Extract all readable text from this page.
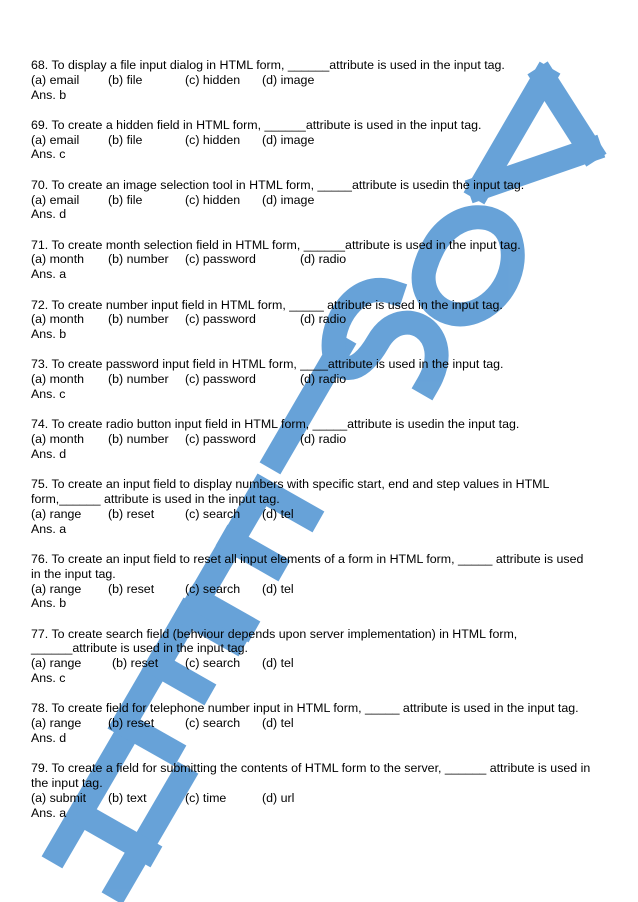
68. To display a file input dialog in HTML form, ______attribute is used in the input tag.
(a) email (b) file	(c) hidden (d) image
Ans. b
69. To create a hidden field in HTML form, ______attribute is used in the input tag.
(a) email (b) file	(c) hidden (d) image
Ans. c
70. To create an image selection tool in HTML form, _____attribute is usedin the input tag.
(a) email (b) file	(c) hidden (d) image
Ans. d
71. To create month selection field in HTML form, ______attribute is used in the input tag.
(a) month (b) number (c) password	(d) radio
Ans. a
72. To create number input field in HTML form, _____ attribute is used in the input tag.
(a) month (b) number (c) password	(d) radio
Ans. b
73. To create password input field in HTML form, ____attribute is used in the input tag.
(a) month (b) number (c) password	(d) radio
Ans. c
74. To create radio button input field in HTML form, _____attribute is usedin the input tag.
(a) month (b) number (c) password	(d) radio
Ans. d
75. To create an input field to display numbers with specific start, end and step values in HTML form,______ attribute is used in the input tag.
(a) range (b) reset (c) search (d) tel
Ans. a
76. To create an input field to reset all input elements of a form in HTML form, _____ attribute is used in the input tag.
(a) range (b) reset (c) search (d) tel
Ans. b
77. To create search field (behviour depends upon server implementation) in HTML form, ______attribute is used in the input tag.
(a) range (b) reset (c) search (d) tel
Ans. c
78. To create field for telephone number input in HTML form, _____ attribute is used in the input tag.
(a) range (b) reset (c) search (d) tel
Ans. d
79. To create a field for submitting the contents of HTML form to the server, ______ attribute is used in the input tag.
(a) submit (b) text	(c) time	(d) url
Ans. a
